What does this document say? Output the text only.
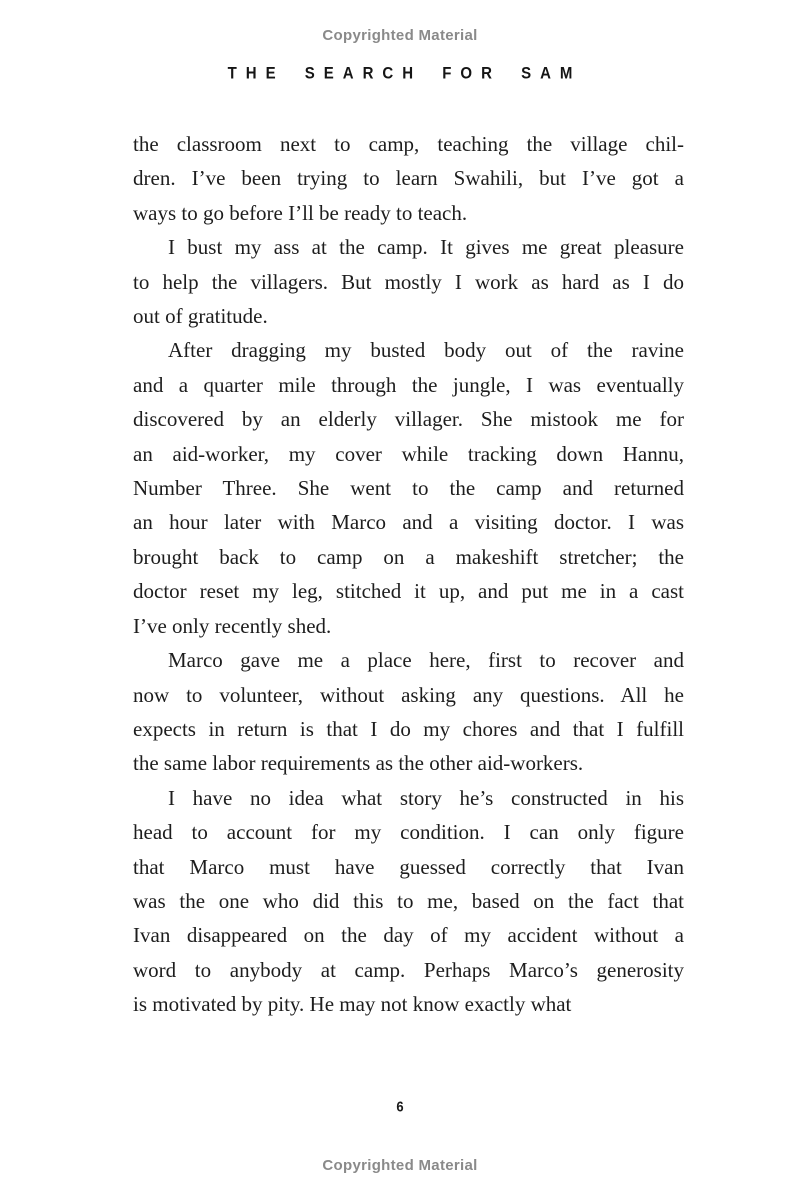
Copyrighted Material
THE SEARCH FOR SAM

the classroom next to camp, teaching the village chil-
dren. I’ve been trying to learn Swahili, but I’ve got a
ways to go before I’ll be ready to teach.

I bust my ass at the camp. It gives me great pleasure
to help the villagers. But mostly I work as hard as I do
out of gratitude.

After dragging my busted body out of the ravine
and a quarter mile through the jungle, I was eventually
discovered by an elderly villager. She mistook me for
an aid-worker, my cover while tracking down Hannu,
Number Three. She went to the camp and returned
an hour later with Marco and a visiting doctor. I was
brought back to camp on a makeshift stretcher; the
doctor reset my leg, stitched it up, and put me in a cast
I’ve only recently shed.

Marco gave me a place here, first to recover and
now to volunteer, without asking any questions. All he
expects in return is that I do my chores and that I fulfill
the same labor requirements as the other aid-workers.

I have no idea what story he’s constructed in his
head to account for my condition. I can only figure
that Marco must have guessed correctly that Ivan
was the one who did this to me, based on the fact that
Ivan disappeared on the day of my accident without a
word to anybody at camp. Perhaps Marco’s generosity
is motivated by pity. He may not know exactly what

6
Copyrighted Material
